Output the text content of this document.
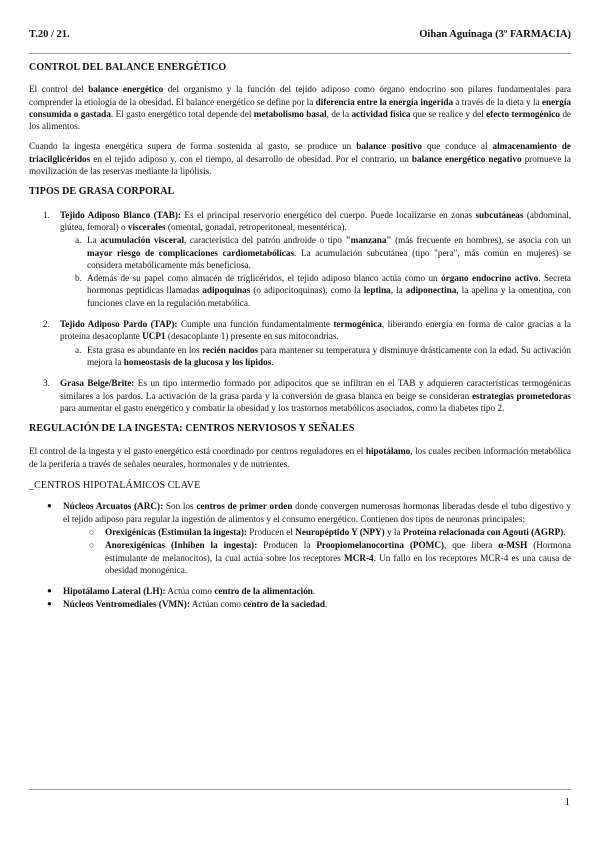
T.20 / 21.	Oihan Aguinaga (3º FARMACIA)

CONTROL DEL BALANCE ENERGÉTICO

El control del balance energético del organismo y la función del tejido adiposo como órgano endocrino son pilares fundamentales para comprender la etiología de la obesidad. El balance energético se define por la diferencia entre la energía ingerida a través de la dieta y la energía consumida o gastada. El gasto energético total depende del metabolismo basal, de la actividad física que se realice y del efecto termogénico de los alimentos.

Cuando la ingesta energética supera de forma sostenida al gasto, se produce un balance positivo que conduce al almacenamiento de triacilglicéridos en el tejido adiposo y, con el tiempo, al desarrollo de obesidad. Por el contrario, un balance energético negativo promueve la movilización de las reservas mediante la lipólisis.

TIPOS DE GRASA CORPORAL

1. Tejido Adiposo Blanco (TAB): Es el principal reservorio energético del cuerpo. Puede localizarse en zonas subcutáneas (abdominal, glútea, femoral) o viscerales (omental, gonadal, retroperitoneal, mesentérica).
a. La acumulación visceral, característica del patrón androide o tipo "manzana" (más frecuente en hombres), se asocia con un mayor riesgo de complicaciones cardiometabólicas. La acumulación subcutánea (tipo "pera", más común en mujeres) se considera metabólicamente más beneficiosa.
b. Además de su papel como almacén de triglicéridos, el tejido adiposo blanco actúa como un órgano endocrino activo. Secreta hormonas peptídicas llamadas adipoquinas (o adipocitoquinas), como la leptina, la adiponectina, la apelina y la omentina, con funciones clave en la regulación metabólica.
2. Tejido Adiposo Pardo (TAP): Cumple una función fundamentalmente termogénica, liberando energía en forma de calor gracias a la proteína desacoplante UCP1 (desacoplante 1) presente en sus mitocondrias.
a. Esta grasa es abundante en los recién nacidos para mantener su temperatura y disminuye drásticamente con la edad. Su activación mejora la homeostasis de la glucosa y los lípidos.
3. Grasa Beige/Brite: Es un tipo intermedio formado por adipocitos que se infiltran en el TAB y adquieren características termogénicas similares a los pardos. La activación de la grasa parda y la conversión de grasa blanca en beige se consideran estrategias prometedoras para aumentar el gasto energético y combatir la obesidad y los trastornos metabólicos asociados, como la diabetes tipo 2.

REGULACIÓN DE LA INGESTA: CENTROS NERVIOSOS Y SEÑALES

El control de la ingesta y el gasto energético está coordinado por centros reguladores en el hipotálamo, los cuales reciben información metabólica de la periferia a través de señales neurales, hormonales y de nutrientes.

_CENTROS HIPOTALÁMICOS CLAVE

● Núcleos Arcuatos (ARC): Son los centros de primer orden donde convergen numerosas hormonas liberadas desde el tubo digestivo y el tejido adiposo para regular la ingestión de alimentos y el consumo energético. Contienen dos tipos de neuronas principales:
○ Orexigénicas (Estimulan la ingesta): Producen el Neuropéptido Y (NPY) y la Proteína relacionada con Agouti (AGRP).
○ Anorexigénicas (Inhiben la ingesta): Producen la Proopiomelanocortina (POMC), que libera α-MSH (Hormona estimulante de melanocitos), la cual actúa sobre los receptores MCR-4. Un fallo en los receptores MCR-4 es una causa de obesidad monogénica.
● Hipotálamo Lateral (LH): Actúa como centro de la alimentación.
● Núcleos Ventromediales (VMN): Actúan como centro de la saciedad.
1
